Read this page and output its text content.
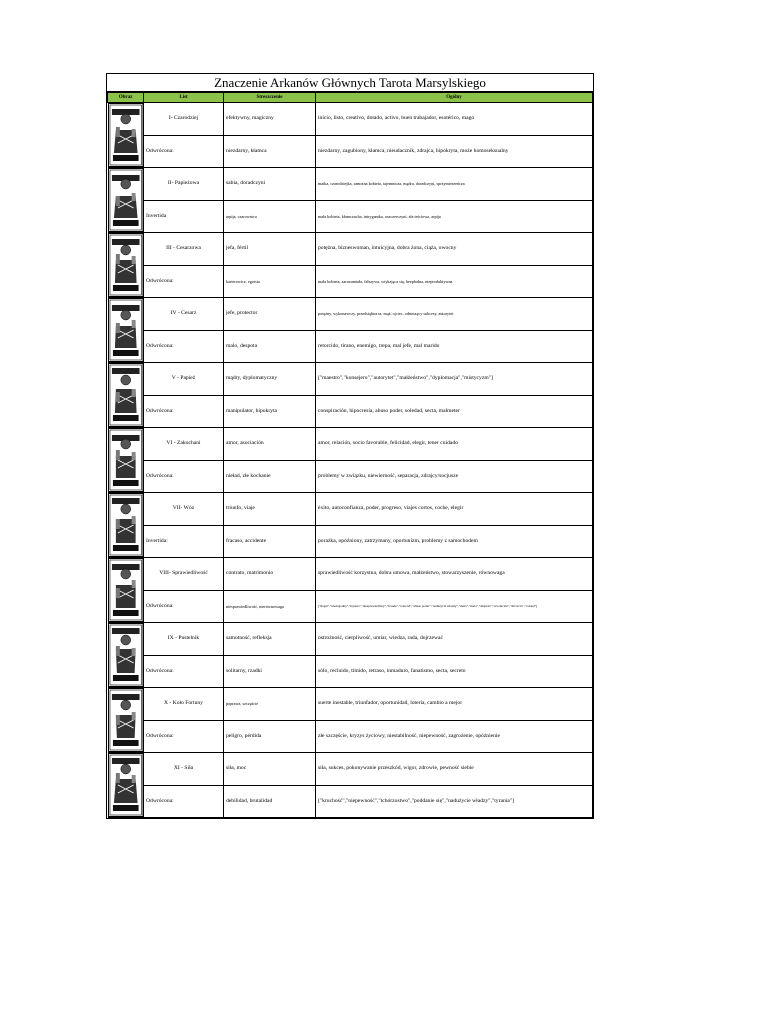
Znaczenie Arkanów Głównych Tarota Marsylskiego
Obraz	List	Streszczenie	Ogólny

	I- Czarodziej	efektywny, magiczny	inicio, listo, creativo, dotado, activo, buen trabajador, esotérico, mago
	Odwrócona:	niezdarny, kłamca	niezdarny, zagubiony, kłamca, nieudacznik, zdrajca, hipokryta, może homoseksualny

	II- Papieżowa	sabia, doradczyni	matka, czarodziejka, samotna kobieta, tajemnicza, mądra, doradczyni, sprzymierzeńcza
	Invertida	arpija, czarownica	mała kobieta, kłamczucha, intrygantka, oszczerczyni, zła teściowa, arpija

	III - Cesarzowa	jefa, fértil	potężna, bizneswoman, intuicyjna, dobra żona, ciąża, owocny
	Odwrócona:	karierowicz, egoista	mała kobieta, zarozumiała, fałszywa, wtykająca się, bezpłodna, nieproduktywna

	IV - Cesarz	jefe, protector	potężny, wykonawczy, przedsiębiorca, mąż, ojciec, odnoszący sukcesy, autorytet
	Odwrócona:	malo, despota	retorcido, tirano, enemigo, trepa, mal jefe, mal marido

	V - Papież	mądry, dyplomatyczny	["maestro","konsejero","autorytet","małżeństwo","dyplomacja","mistycyzm"]
	Odwrócona:	manipulator, hipokryta	conspiración, hipocresía, abuso poder, soledad, secta, malmeter

	VI - Zakochani	amor, asociación	amor, relación, socio favorable, felicidad, elegir, tener cuidado
	Odwrócona:	nieład, złe kochanie	problemy w związku, niewierność, separacja, zdrajcy/socjusze

	VII- Wóz	triunfo, viaje	éxito, autoconfianza, poder, progreso, viajes cortos, coche, elegir
	Invertida:	fracaso, accidente	porażka, opóźniony, zatrzymany, oportunizm, problemy z samochodem

	VIII- Sprawiedliwość	contrato, matrimonio	sprawiedliwość korzystna, dobra umowa, małżeństwo, stowarzyszenie, równowaga
	Odwrócona:	niesprawiedliwość, nierównowaga	["ilegal","niedogodny","injusto","niesprawiedliwy","fraude","rozwód","abuse poder","nadużycie władzy","malo","mala","despido","revolución","divorcio","rozstał"]

	IX - Pustelnik	samotność, refleksja	ostrożność, cierpliwość, umiar, wiedza, rada, dojrzewać
	Odwrócona:	solitarny, rzadki	sólo, recluido, tímido, retraso, inmaduro, fanatismo, secta, secreto

	X - Koło Fortuny	poprawa, szczęście	suerte inestable, triunfador, oportunidad, lotería, cambio a mejor
	Odwrócona:	peligro, pérdida	złe szczęście, kryzys życiowy, niestabilność, niepewność, zagrożenie, opóźnienie

	XI - Siła	siła, moc	siła, sukces, pokonywanie przeszkód, wigor, zdrowie, pewność siebie
	Odwrócona:	debilidad, brutalidad	["kruchość","niepewność","tchórzostwo","poddanie się","nadużycie władzy","tyrania"]
